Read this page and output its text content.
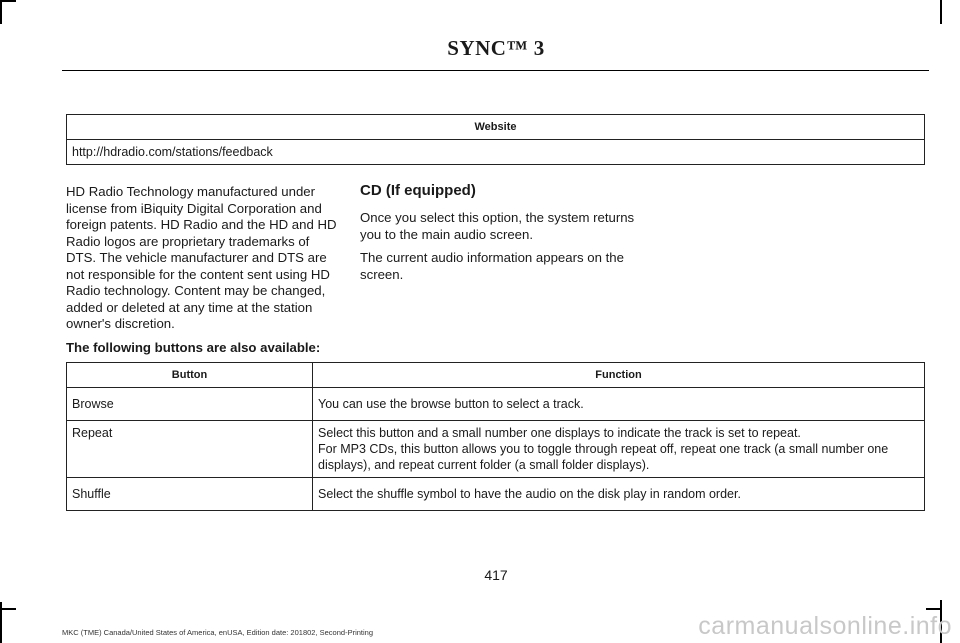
SYNC™ 3
Website
http://hdradio.com/stations/feedback
HD Radio Technology manufactured under license from iBiquity Digital Corporation and foreign patents. HD Radio and the HD and HD Radio logos are proprietary trademarks of DTS. The vehicle manufacturer and DTS are not responsible for the content sent using HD Radio technology. Content may be changed, added or deleted at any time at the station owner's discretion.
CD (If equipped)

Once you select this option, the system returns you to the main audio screen.

The current audio information appears on the screen.

The following buttons are also available:
Button	Function
Browse	You can use the browse button to select a track.
Repeat	Select this button and a small number one displays to indicate the track is set to repeat.
For MP3 CDs, this button allows you to toggle through repeat off, repeat one track (a small number one displays), and repeat current folder (a small folder displays).

Shuffle	Select the shuffle symbol to have the audio on the disk play in random order.
417
MKC (TME) Canada/United States of America, enUSA, Edition date: 201802, Second-Printing	carmanualsonline.info
